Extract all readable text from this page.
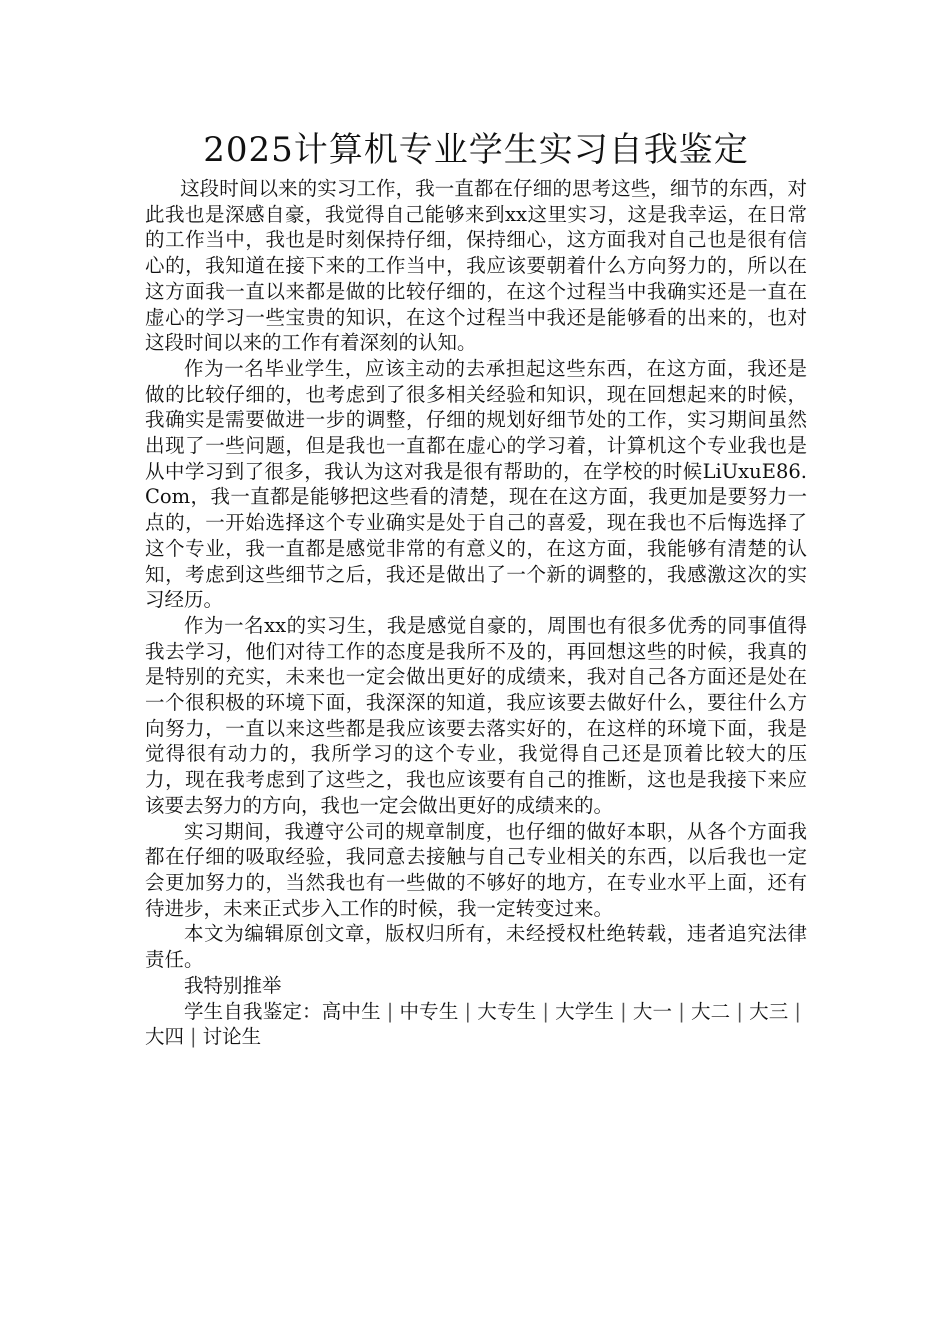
2025计算机专业学生实习自我鉴定

这段时间以来的实习工作，我一直都在仔细的思考这些，细节的东西，对此我也是深感自豪，我觉得自己能够来到xx这里实习，这是我幸运，在日常的工作当中，我也是时刻保持仔细，保持细心，这方面我对自己也是很有信心的，我知道在接下来的工作当中，我应该要朝着什么方向努力的，所以在这方面我一直以来都是做的比较仔细的，在这个过程当中我确实还是一直在虚心的学习一些宝贵的知识，在这个过程当中我还是能够看的出来的，也对这段时间以来的工作有着深刻的认知。

作为一名毕业学生，应该主动的去承担起这些东西，在这方面，我还是做的比较仔细的，也考虑到了很多相关经验和知识，现在回想起来的时候，我确实是需要做进一步的调整，仔细的规划好细节处的工作，实习期间虽然出现了一些问题，但是我也一直都在虚心的学习着，计算机这个专业我也是从中学习到了很多，我认为这对我是很有帮助的，在学校的时候LiUxuE86.Com，我一直都是能够把这些看的清楚，现在在这方面，我更加是要努力一点的，一开始选择这个专业确实是处于自己的喜爱，现在我也不后悔选择了这个专业，我一直都是感觉非常的有意义的，在这方面，我能够有清楚的认知，考虑到这些细节之后，我还是做出了一个新的调整的，我感激这次的实习经历。

作为一名xx的实习生，我是感觉自豪的，周围也有很多优秀的同事值得我去学习，他们对待工作的态度是我所不及的，再回想这些的时候，我真的是特别的充实，未来也一定会做出更好的成绩来，我对自己各方面还是处在一个很积极的环境下面，我深深的知道，我应该要去做好什么，要往什么方向努力，一直以来这些都是我应该要去落实好的，在这样的环境下面，我是觉得很有动力的，我所学习的这个专业，我觉得自己还是顶着比较大的压力，现在我考虑到了这些之，我也应该要有自己的推断，这也是我接下来应该要去努力的方向，我也一定会做出更好的成绩来的。

实习期间，我遵守公司的规章制度，也仔细的做好本职，从各个方面我都在仔细的吸取经验，我同意去接触与自己专业相关的东西，以后我也一定会更加努力的，当然我也有一些做的不够好的地方，在专业水平上面，还有待进步，未来正式步入工作的时候，我一定转变过来。

本文为编辑原创文章，版权归所有，未经授权杜绝转载，违者追究法律责任。

我特别推举

学生自我鉴定：高中生 | 中专生 | 大专生 | 大学生 | 大一 | 大二 | 大三 |大四 | 讨论生
